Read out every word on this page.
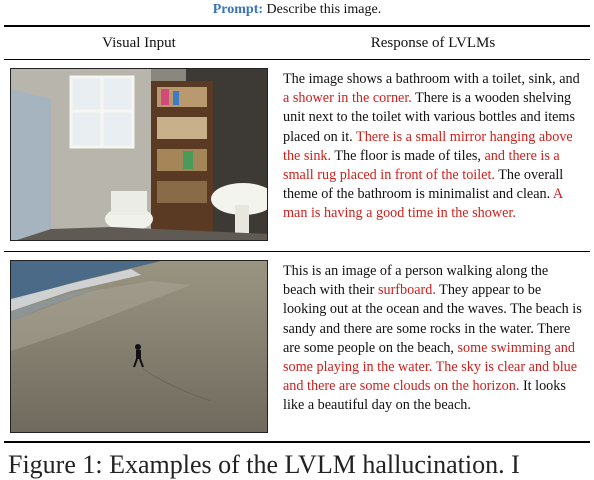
Prompt: Describe this image.
Visual Input	Response of LVLMs
The image shows a bathroom with a toilet, sink, and a shower in the corner. There is a wooden shelving unit next to the toilet with various bottles and items placed on it. There is a small mirror hanging above the sink. The floor is made of tiles, and there is a small rug placed in front of the toilet. The overall theme of the bathroom is minimalist and clean. A man is having a good time in the shower.
This is an image of a person walking along the beach with their surfboard. They appear to be looking out at the ocean and the waves. The beach is sandy and there are some rocks in the water. There are some people on the beach, some swimming and some playing in the water. The sky is clear and blue and there are some clouds on the horizon. It looks like a beautiful day on the beach.
Figure 1: Examples of the LVLM hallucination. I
